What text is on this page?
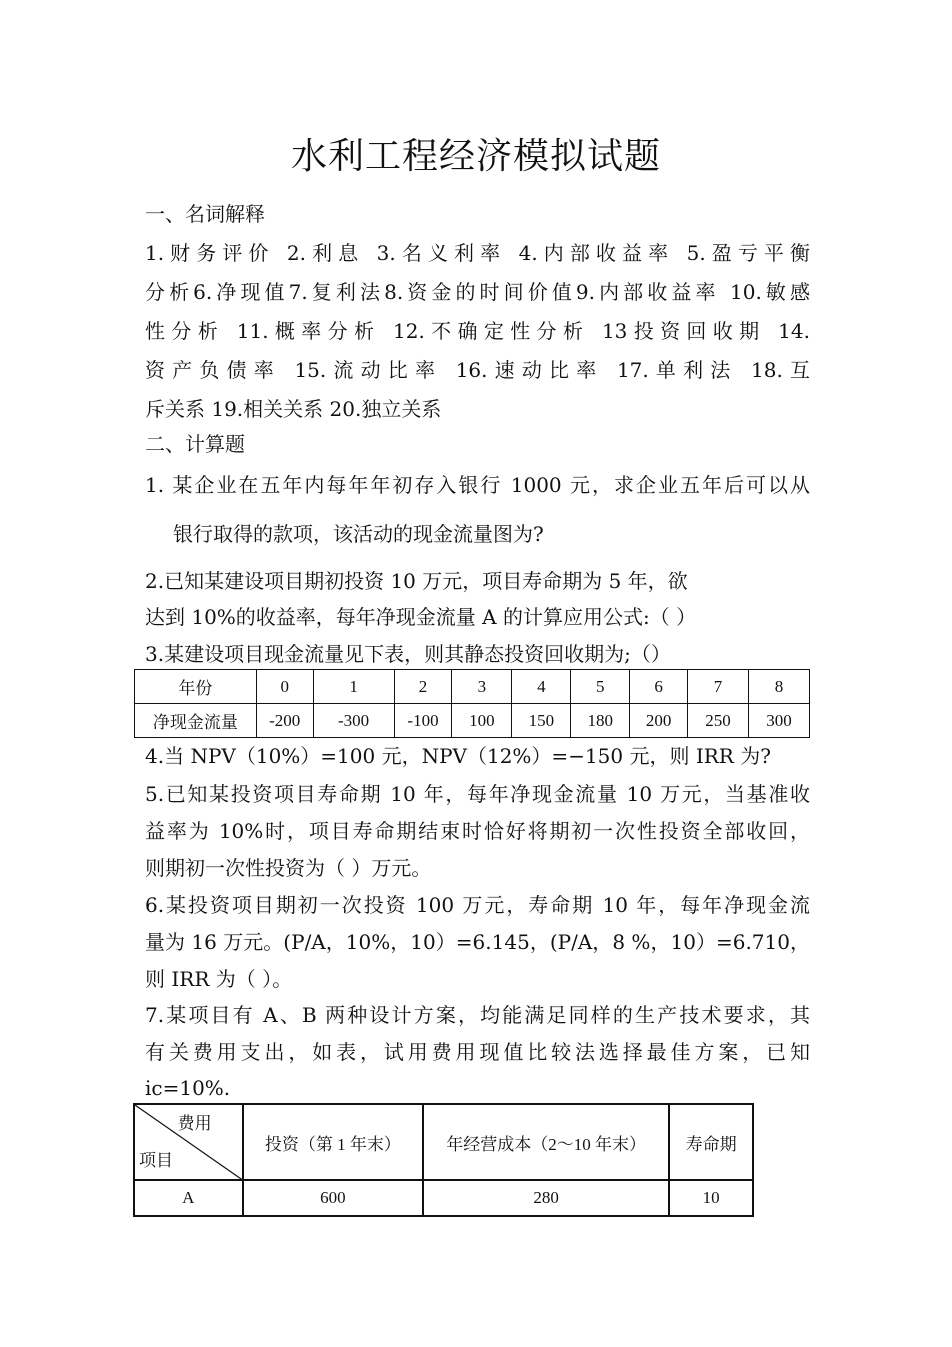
水利工程经济模拟试题
一、名词解释
1.财务评价 2.利息 3.名义利率 4.内部收益率 5.盈亏平衡
分析6.净现值7.复利法8.资金的时间价值9.内部收益率 10.敏感
性分析 11.概率分析 12.不确定性分析 13投资回收期 14.
资产负债率 15.流动比率 16.速动比率 17.单利法 18.互
斥关系 19.相关关系 20.独立关系
二、计算题
1. 某企业在五年内每年年初存入银行 1000 元，求企业五年后可以从
银行取得的款项，该活动的现金流量图为?
2.已知某建设项目期初投资 10 万元，项目寿命期为 5 年，欲
达到 10%的收益率，每年净现金流量 A 的计算应用公式:（ ）
3.某建设项目现金流量见下表，则其静态投资回收期为;（）
年份	0	1	2	3	4	5	6	7	8
净现金流量	-200	-300	-100	100	150	180	200	250	300
4.当 NPV（10%）=100 元，NPV（12%）=−150 元，则 IRR 为?
5.已知某投资项目寿命期 10 年，每年净现金流量 10 万元，当基准收
益率为 10%时，项目寿命期结束时恰好将期初一次性投资全部收回，
则期初一次性投资为（ ）万元。
6.某投资项目期初一次投资 100 万元，寿命期 10 年，每年净现金流
量为 16 万元。(P/A，10%，10）=6.145，(P/A，8 %，10）=6.710，
则 IRR 为（ ）。
7.某项目有 A、B 两种设计方案，均能满足同样的生产技术要求，其
有关费用支出，如表，试用费用现值比较法选择最佳方案，已知
ic=10%.
费用
项目	投资（第 1 年末）	年经营成本（2～10 年末）	寿命期
A	600	280	10
